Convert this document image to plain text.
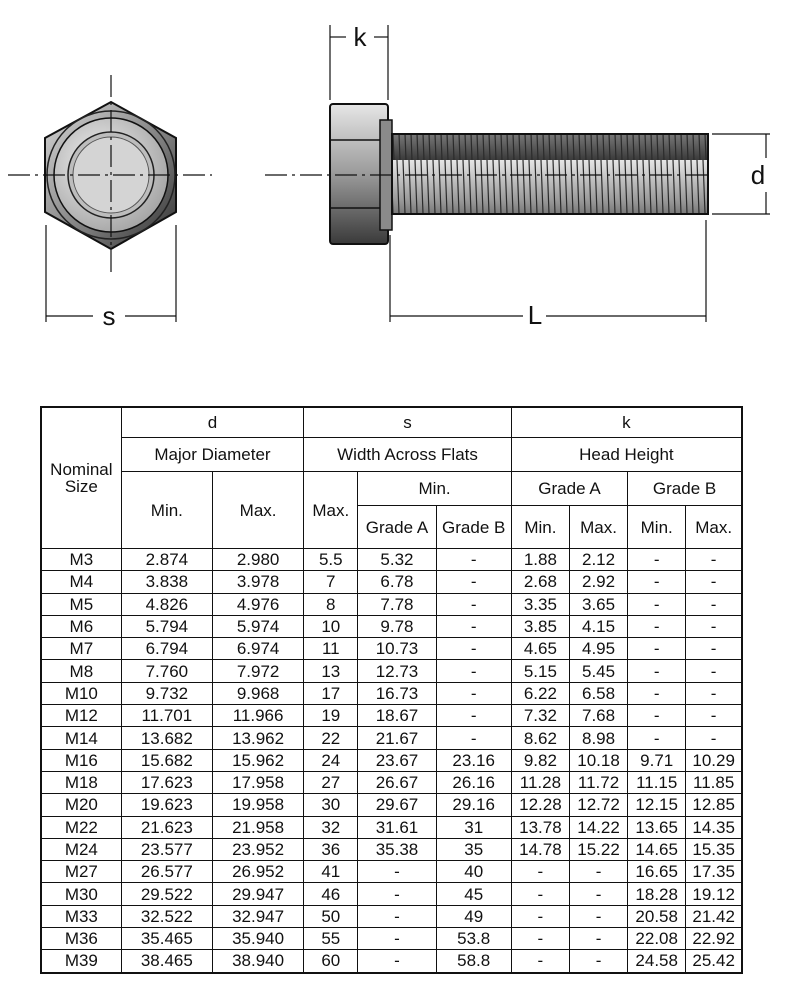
s
k
d
L
Nominal Size	d		s			k			
	Major Diameter		Width Across Flats			Head Height			
	Min.	Max.	Max.	Min.		Grade A		Grade B	
				Grade A	Grade B	Min.	Max.	Min.	Max.
M3	2.874	2.980	5.5	5.32	-	1.88	2.12	-	-
M4	3.838	3.978	7	6.78	-	2.68	2.92	-	-
M5	4.826	4.976	8	7.78	-	3.35	3.65	-	-
M6	5.794	5.974	10	9.78	-	3.85	4.15	-	-
M7	6.794	6.974	11	10.73	-	4.65	4.95	-	-
M8	7.760	7.972	13	12.73	-	5.15	5.45	-	-
M10	9.732	9.968	17	16.73	-	6.22	6.58	-	-
M12	11.701	11.966	19	18.67	-	7.32	7.68	-	-
M14	13.682	13.962	22	21.67	-	8.62	8.98	-	-
M16	15.682	15.962	24	23.67	23.16	9.82	10.18	9.71	10.29
M18	17.623	17.958	27	26.67	26.16	11.28	11.72	11.15	11.85
M20	19.623	19.958	30	29.67	29.16	12.28	12.72	12.15	12.85
M22	21.623	21.958	32	31.61	31	13.78	14.22	13.65	14.35
M24	23.577	23.952	36	35.38	35	14.78	15.22	14.65	15.35
M27	26.577	26.952	41	-	40	-	-	16.65	17.35
M30	29.522	29.947	46	-	45	-	-	18.28	19.12
M33	32.522	32.947	50	-	49	-	-	20.58	21.42
M36	35.465	35.940	55	-	53.8	-	-	22.08	22.92
M39	38.465	38.940	60	-	58.8	-	-	24.58	25.42
